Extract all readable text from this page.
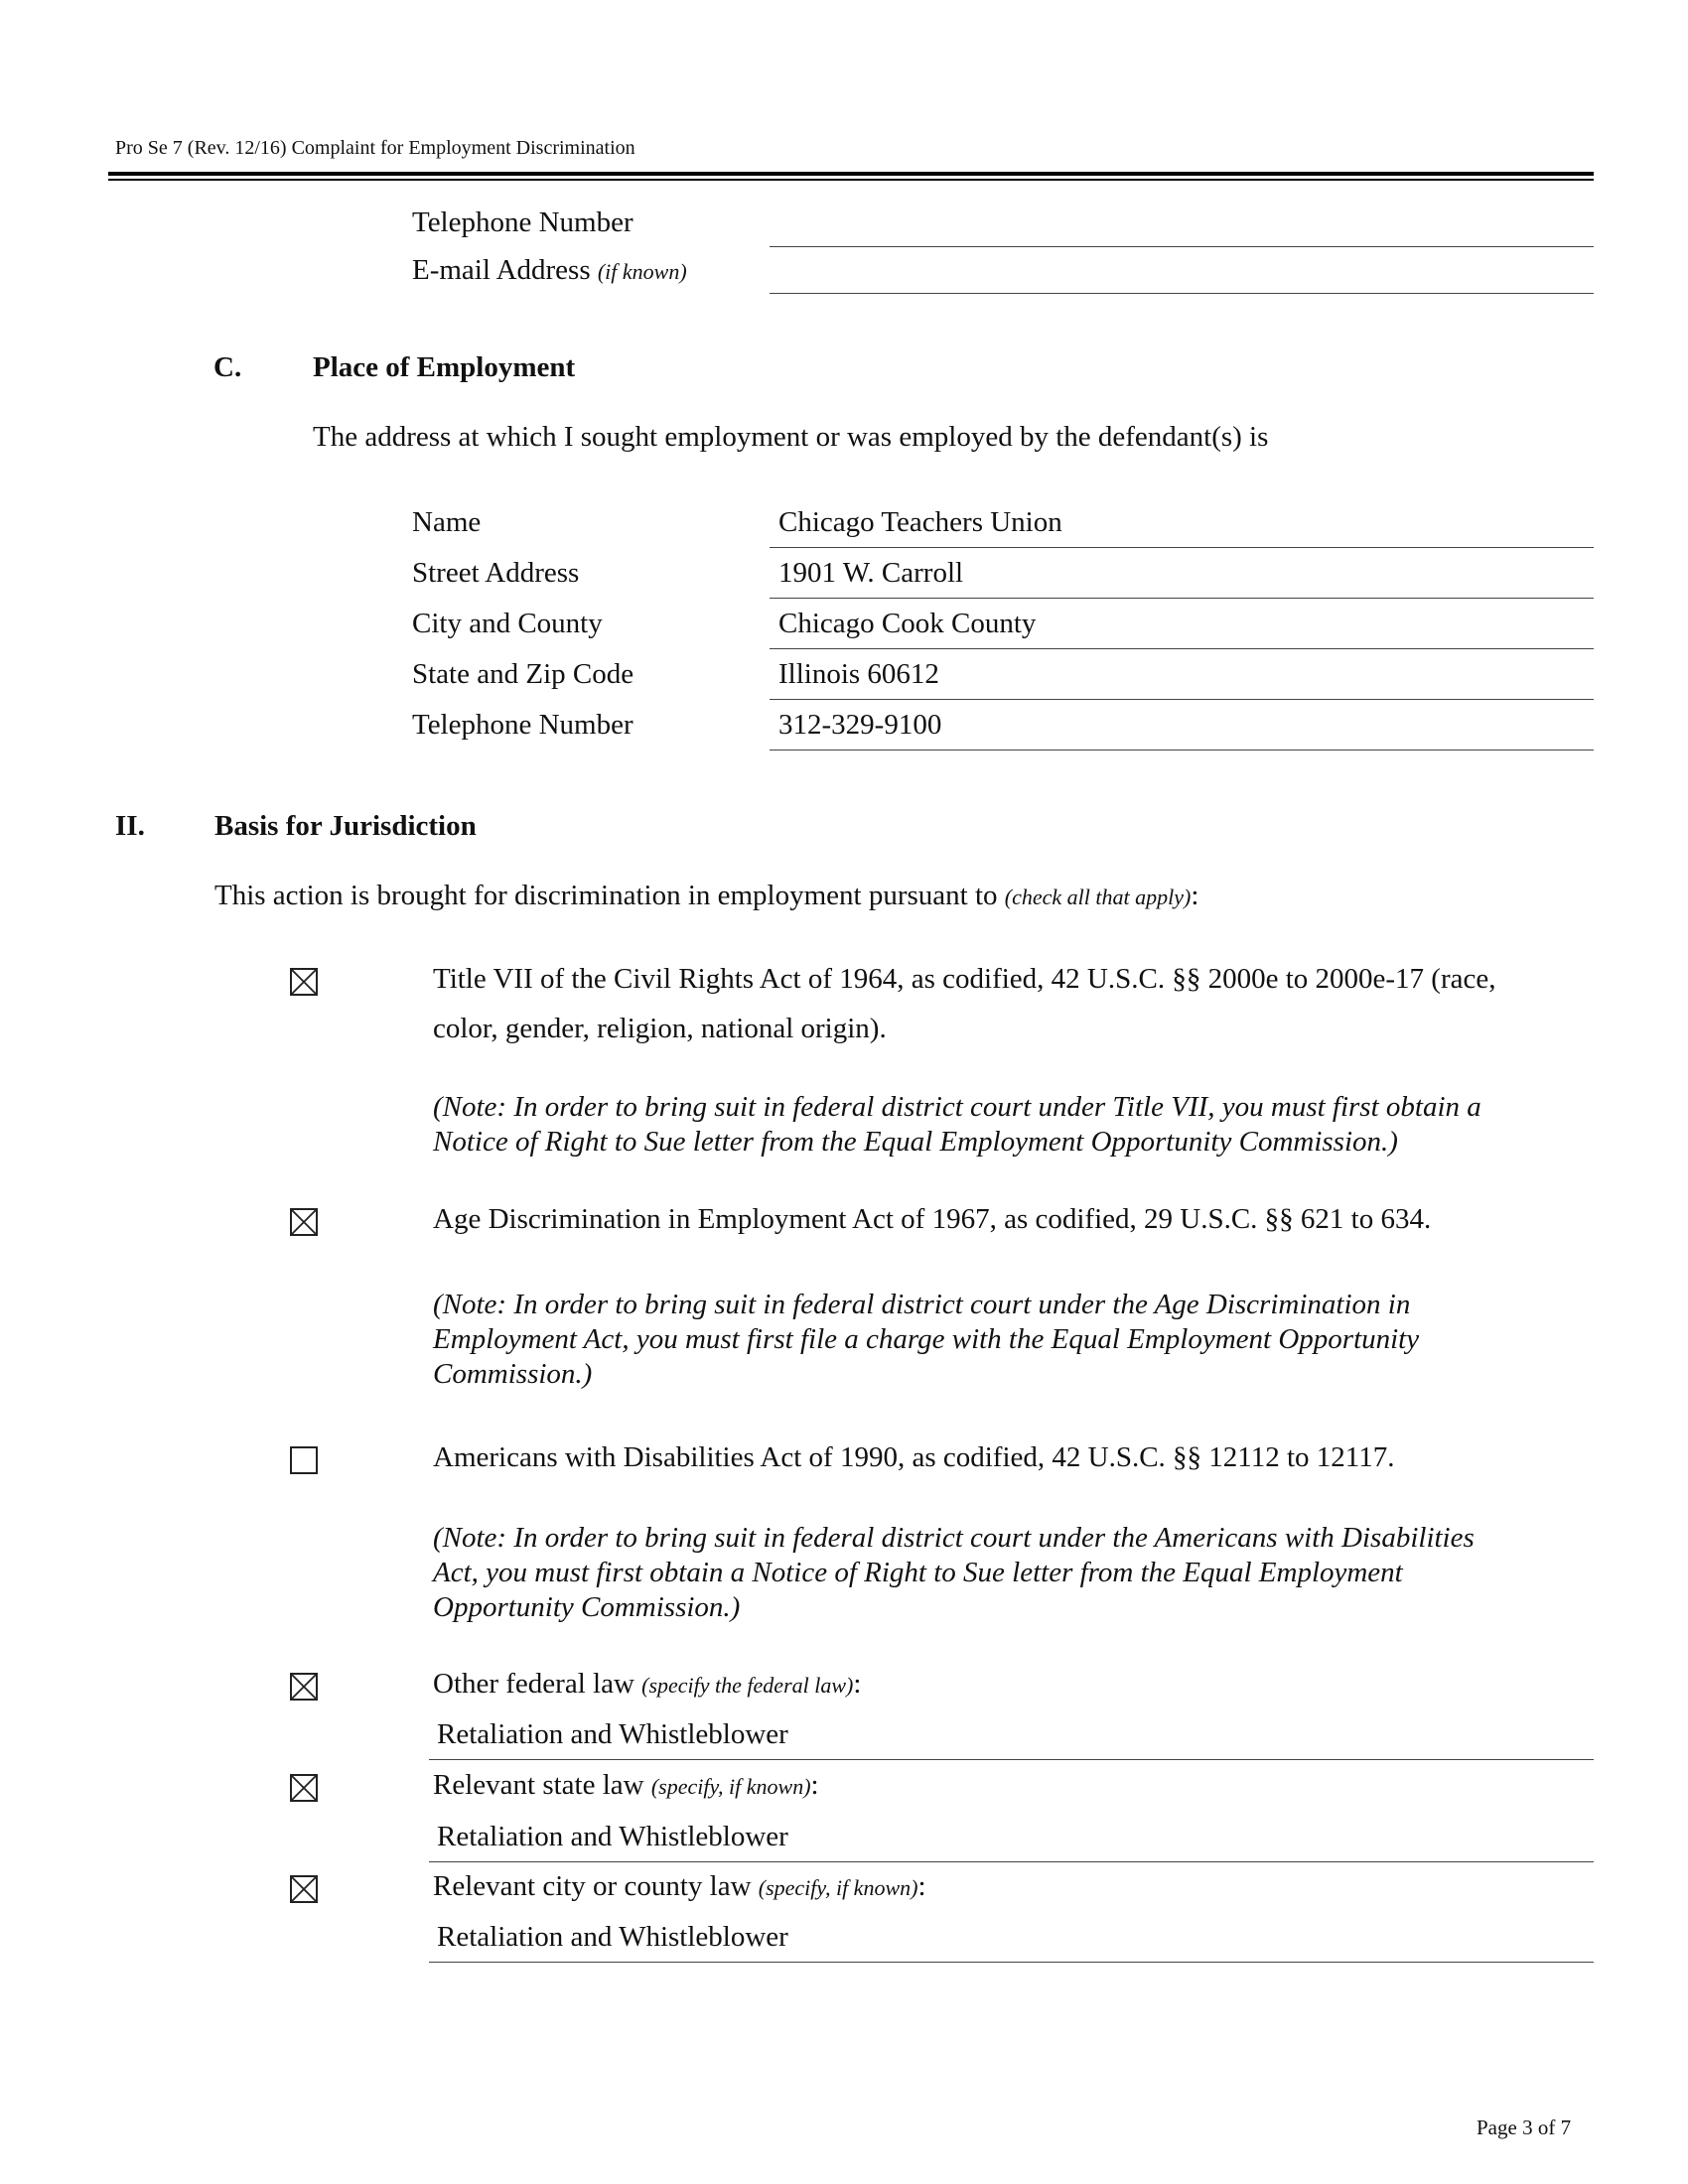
Pro Se 7 (Rev. 12/16) Complaint for Employment Discrimination
Telephone Number
E-mail Address (if known)
C. Place of Employment
The address at which I sought employment or was employed by the defendant(s) is
Name	Chicago Teachers Union
Street Address	1901 W. Carroll
City and County	Chicago Cook County
State and Zip Code	Illinois 60612
Telephone Number	312-329-9100
II. Basis for Jurisdiction
This action is brought for discrimination in employment pursuant to (check all that apply):
Title VII of the Civil Rights Act of 1964, as codified, 42 U.S.C. §§ 2000e to 2000e-17 (race,
color, gender, religion, national origin).
(Note: In order to bring suit in federal district court under Title VII, you must first obtain a
Notice of Right to Sue letter from the Equal Employment Opportunity Commission.)
Age Discrimination in Employment Act of 1967, as codified, 29 U.S.C. §§ 621 to 634.
(Note: In order to bring suit in federal district court under the Age Discrimination in
Employment Act, you must first file a charge with the Equal Employment Opportunity
Commission.)
Americans with Disabilities Act of 1990, as codified, 42 U.S.C. §§ 12112 to 12117.
(Note: In order to bring suit in federal district court under the Americans with Disabilities
Act, you must first obtain a Notice of Right to Sue letter from the Equal Employment
Opportunity Commission.)
Other federal law (specify the federal law):
Retaliation and Whistleblower
Relevant state law (specify, if known):
Retaliation and Whistleblower
Relevant city or county law (specify, if known):
Retaliation and Whistleblower
Page 3 of 7
